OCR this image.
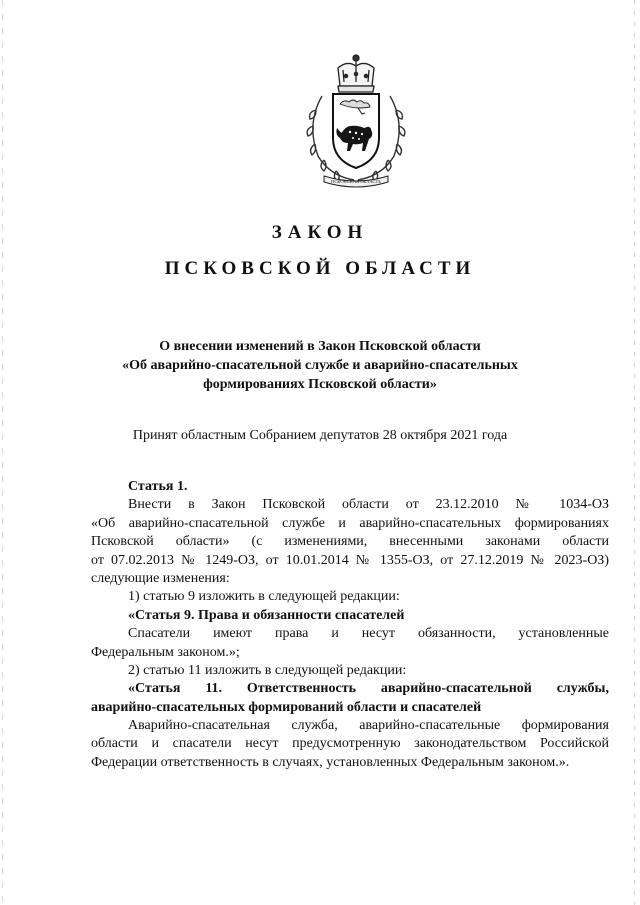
ПСКОВСКАЯ ОБЛАСТЬ
ЗАКОН
ПСКОВСКОЙ ОБЛАСТИ
О внесении изменений в Закон Псковской области
«Об аварийно-спасательной службе и аварийно-спасательных
формированиях Псковской области»
Принят областным Собранием депутатов 28 октября 2021 года
Статья 1.
Внести в Закон Псковской области от 23.12.2010 № 1034-ОЗ
«Об аварийно-спасательной службе и аварийно-спасательных формированиях
Псковской области» (с изменениями, внесенными законами области
от 07.02.2013 № 1249-ОЗ, от 10.01.2014 № 1355-ОЗ, от 27.12.2019 № 2023-ОЗ)
следующие изменения:
1) статью 9 изложить в следующей редакции:
«Статья 9. Права и обязанности спасателей
Спасатели имеют права и несут обязанности, установленные
Федеральным законом.»;
2) статью 11 изложить в следующей редакции:
«Статья 11. Ответственность аварийно-спасательной службы,
аварийно-спасательных формирований области и спасателей
Аварийно-спасательная служба, аварийно-спасательные формирования
области и спасатели несут предусмотренную законодательством Российской
Федерации ответственность в случаях, установленных Федеральным законом.».
